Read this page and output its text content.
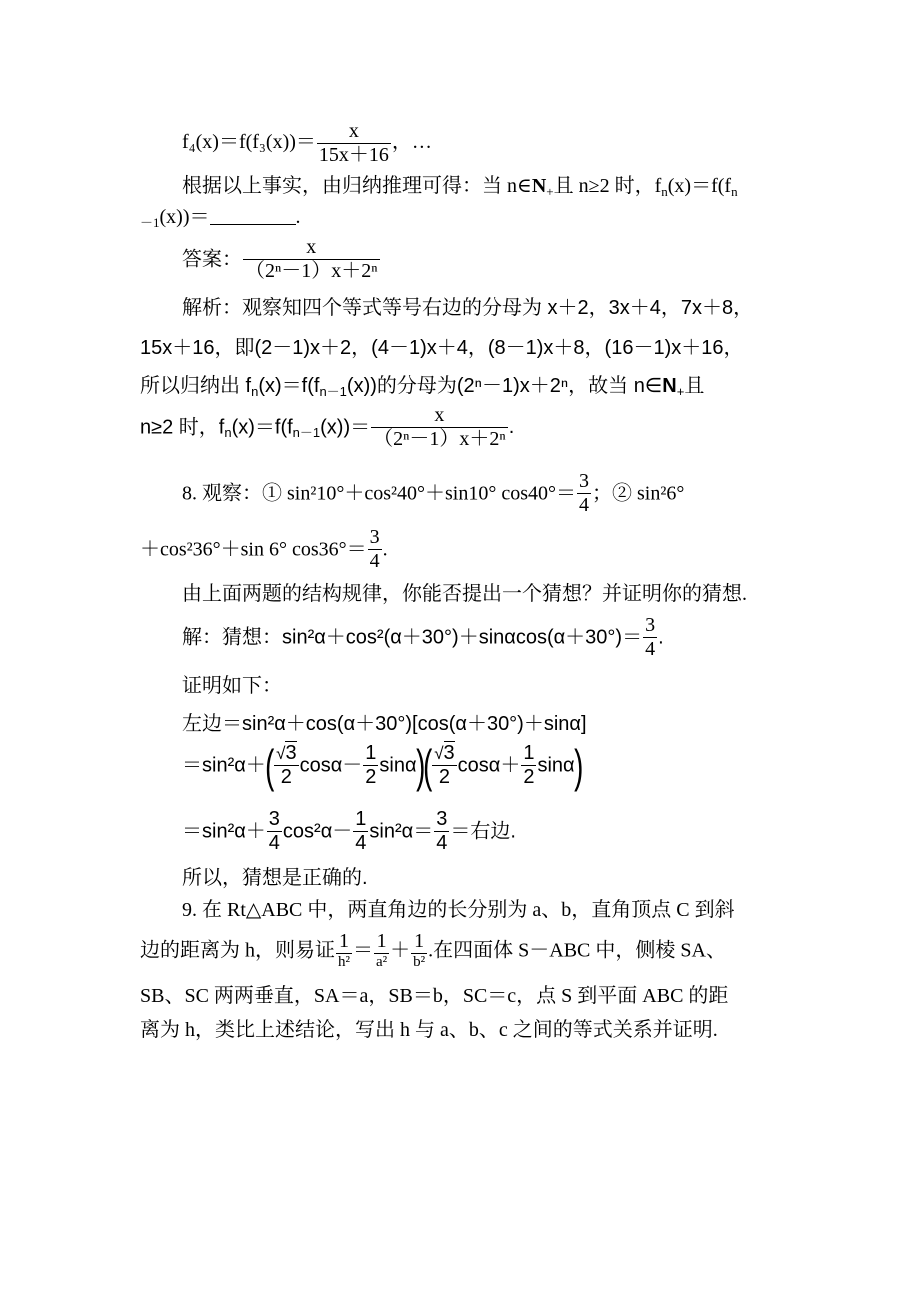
$f_4(x)=f(f_3(x))= \frac{x}{15x+16}$ ，…
根据以上事实，由归纳推理可得：当 $n\in N_+$且 n≥2 时，$f_n(x)=f(f_n$
$_{-1}$(x))＝	.
答案： $\frac{x}{\text{（2ⁿ－1）x＋2ⁿ}}$
解析：观察知四个等式等号右边的分母为 x＋2，3x＋4，7x＋8，
15x＋16，即(2－1)x＋2，(4－1)x＋4，(8－1)x＋8，(16－1)x＋16，
所以归纳出 $f_n(x)=f(f_{n-1}(x))$的分母为(2ⁿ－1)x＋2ⁿ，故当 $n\in N_+$且
n≥2 时，$f_n(x)=f(f_{n-1}(x))= \frac{x}{\text{（2ⁿ－1）x＋2ⁿ}}$ .
8. 观察：① sin²10°＋cos²40°＋sin10° $\cos 40^\circ= \frac{3}{4}$ ；② sin²6°
＋cos²36°＋sin 6° $\cos 36^\circ= \frac{3}{4}$ .
由上面两题的结构规律，你能否提出一个猜想？并证明你的猜想.
解：猜想：$\sin^2\alpha+\cos^2(\alpha+30^\circ)+\sin\alpha\cos(\alpha+30^\circ)= \frac{3}{4}$ .
证明如下：
左边＝sin²α＋cos(α＋30°)[cos(α＋30°)＋sinα]
$=\sin^2\alpha+( \frac{√3}{2} \cos\alpha- \frac{1}{2} \sin\alpha)( \frac{√3}{2} \cos\alpha+ \frac{1}{2} \sin\alpha)$
$=\sin^2\alpha+ \frac{3}{4} \cos^2\alpha- \frac{1}{4} \sin^2\alpha= \frac{3}{4}$ ＝右边.
所以，猜想是正确的.
9. 在 Rt△ABC 中，两直角边的长分别为 a、b，直角顶点 C 到斜
边的距离为 h，则易证 $\frac{1}{\text{h²}} = \frac{1}{\text{a²}} + \frac{1}{\text{b²}}$ .在四面体 S－ABC 中，侧棱 SA、
SB、SC 两两垂直，SA＝a，SB＝b，SC＝c，点 S 到平面 ABC 的距
离为 h，类比上述结论，写出 h 与 a、b、c 之间的等式关系并证明.
